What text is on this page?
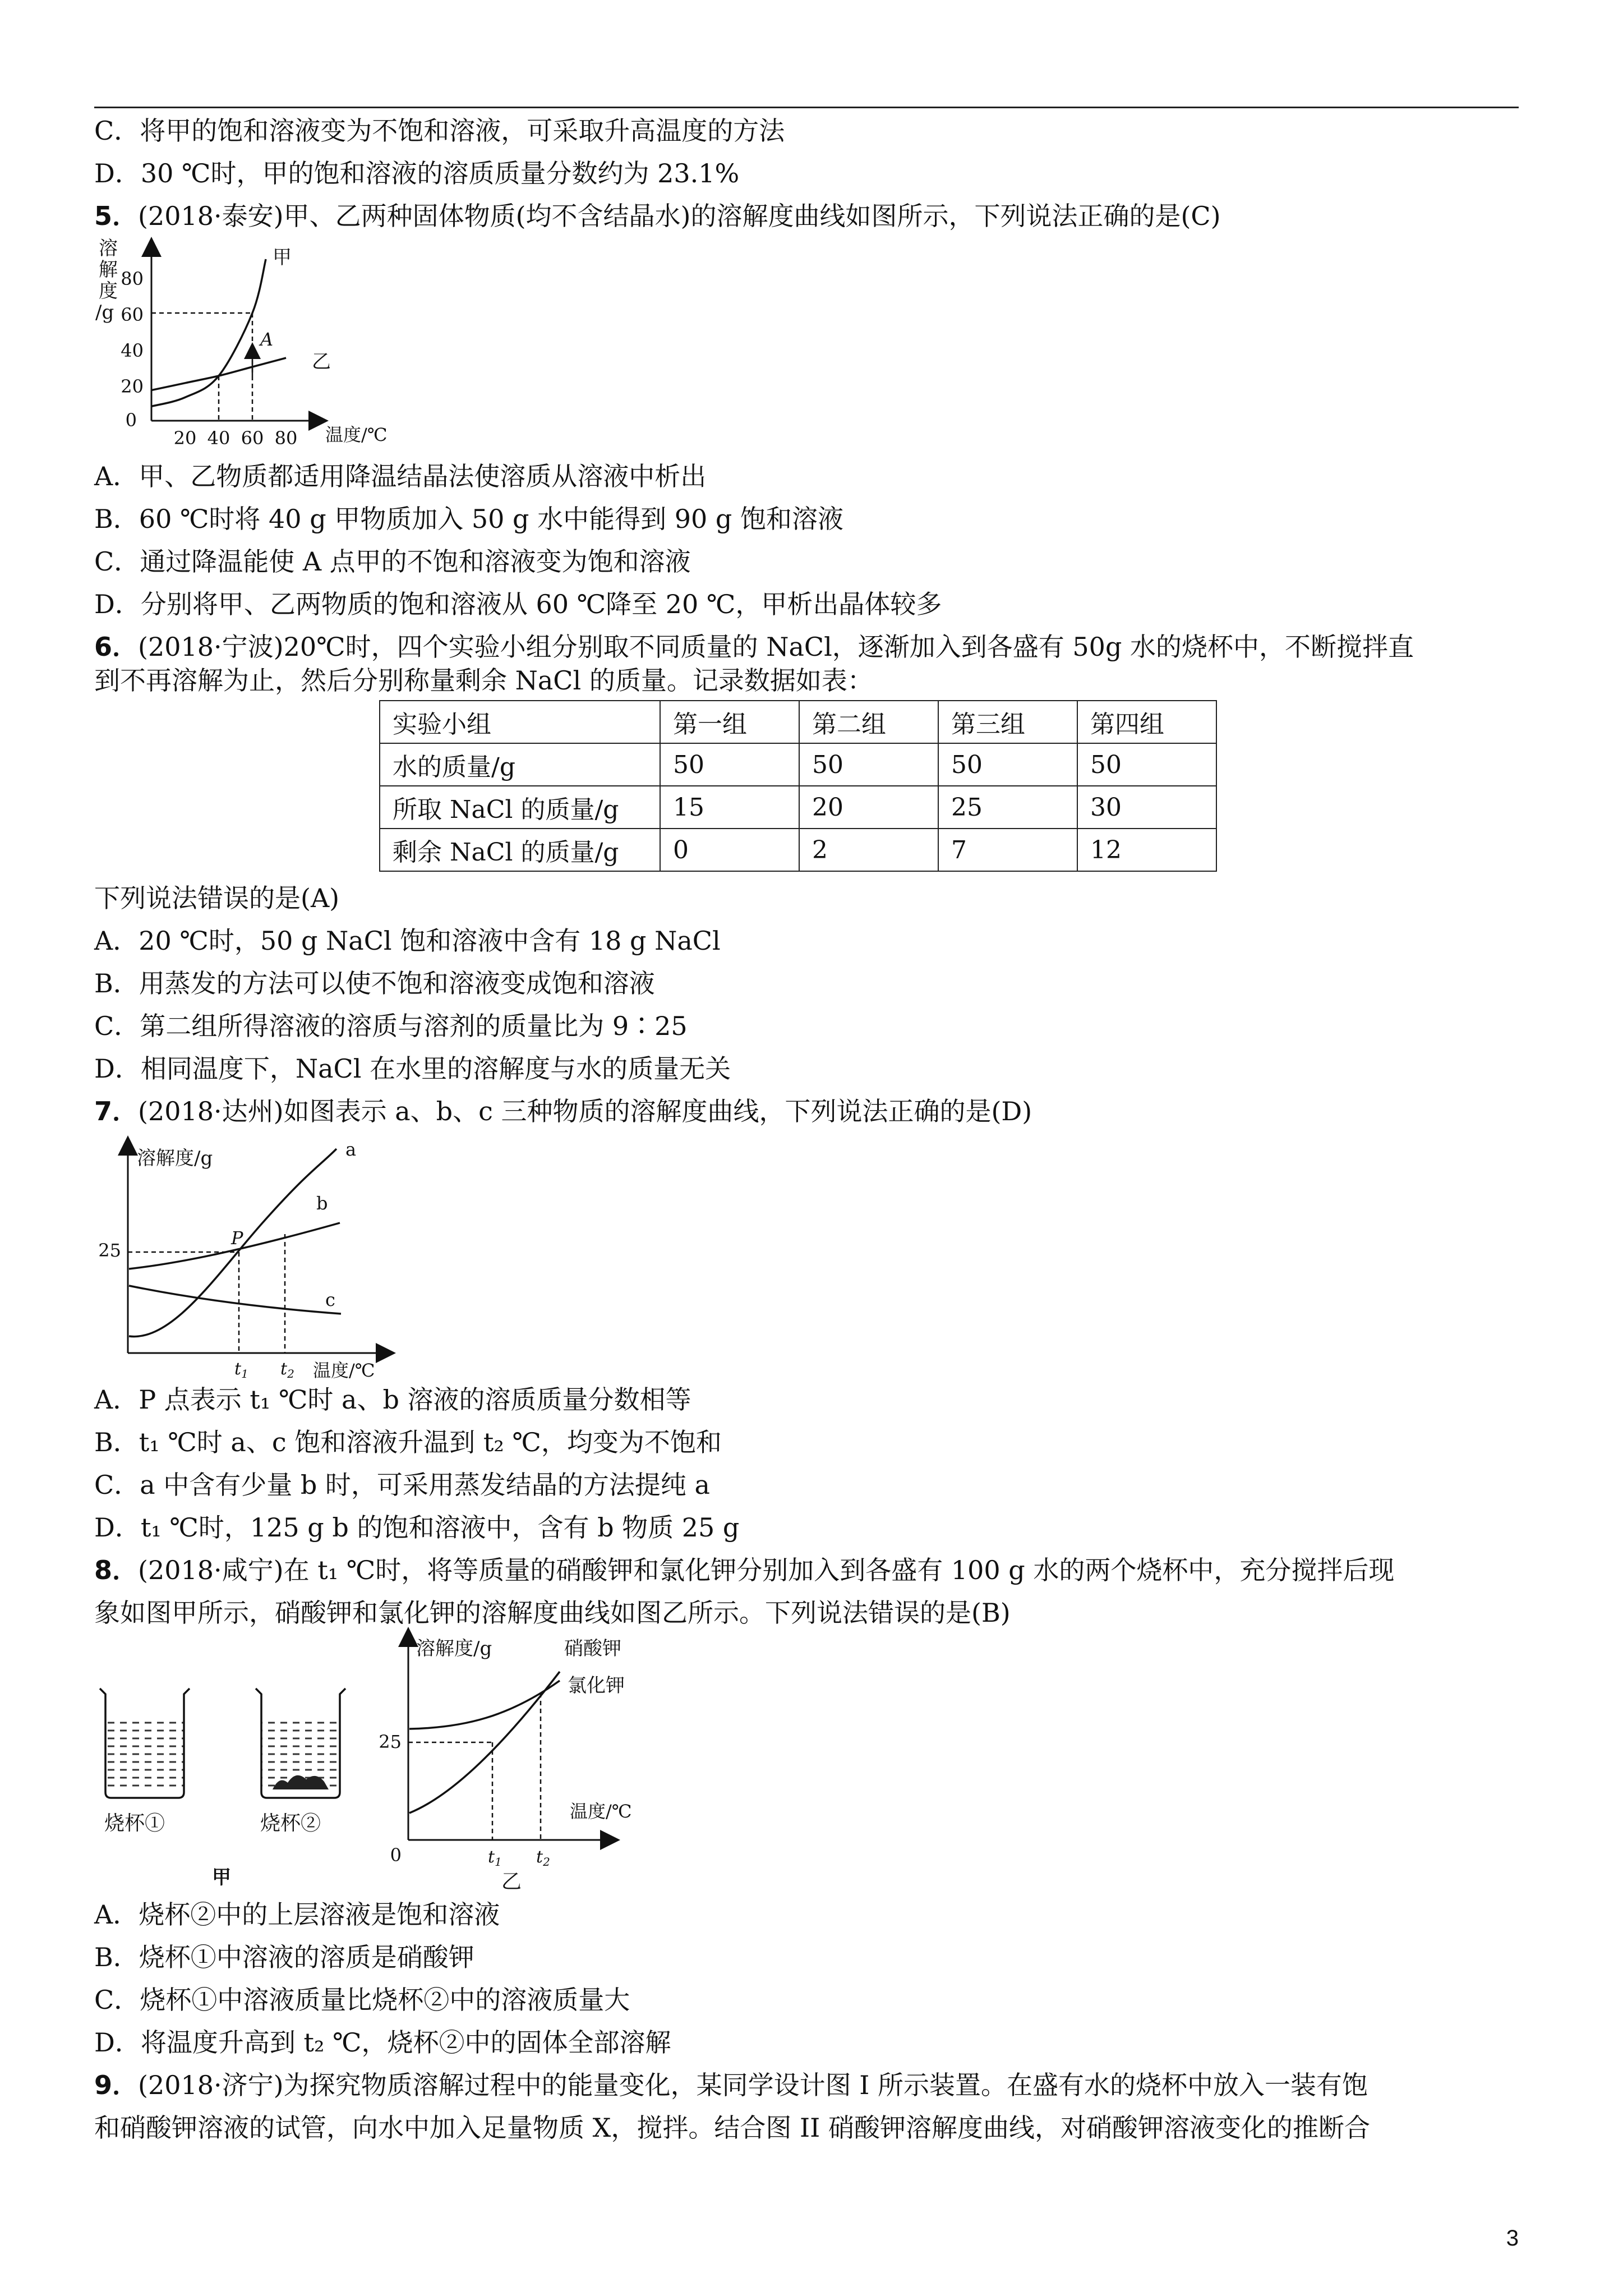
C．将甲的饱和溶液变为不饱和溶液，可采取升高温度的方法
D．30 ℃时，甲的饱和溶液的溶质质量分数约为 23.1%
5．(2018·泰安)甲、乙两种固体物质(均不含结晶水)的溶解度曲线如图所示，下列说法正确的是(C)
溶
解
度
/g
80
60
40
20
0
20 40 60 80 温度/℃
甲
乙
A
A．甲、乙物质都适用降温结晶法使溶质从溶液中析出
B．60 ℃时将 40 g 甲物质加入 50 g 水中能得到 90 g 饱和溶液
C．通过降温能使 A 点甲的不饱和溶液变为饱和溶液
D．分别将甲、乙两物质的饱和溶液从 60 ℃降至 20 ℃，甲析出晶体较多
6．(2018·宁波)20℃时，四个实验小组分别取不同质量的 NaCl，逐渐加入到各盛有 50g 水的烧杯中，不断搅拌直
到不再溶解为止，然后分别称量剩余 NaCl 的质量。记录数据如表：
实验小组	第一组	第二组	第三组	第四组
水的质量/g	50	50	50	50
所取 NaCl 的质量/g	15	20	25	30
剩余 NaCl 的质量/g	0	2	7	12
下列说法错误的是(A)
A．20 ℃时，50 g NaCl 饱和溶液中含有 18 g NaCl
B．用蒸发的方法可以使不饱和溶液变成饱和溶液
C．第二组所得溶液的溶质与溶剂的质量比为 9∶25
D．相同温度下，NaCl 在水里的溶解度与水的质量无关
7．(2018·达州)如图表示 a、b、c 三种物质的溶解度曲线，下列说法正确的是(D)
溶解度/g
25
温度/℃
P
a
b
c
$t_1$ $t_2$
A．P 点表示 t₁ ℃时 a、b 溶液的溶质质量分数相等
B．t₁ ℃时 a、c 饱和溶液升温到 t₂ ℃，均变为不饱和
C．a 中含有少量 b 时，可采用蒸发结晶的方法提纯 a
D．t₁ ℃时，125 g b 的饱和溶液中，含有 b 物质 25 g
8．(2018·咸宁)在 t₁ ℃时，将等质量的硝酸钾和氯化钾分别加入到各盛有 100 g 水的两个烧杯中，充分搅拌后现
象如图甲所示，硝酸钾和氯化钾的溶解度曲线如图乙所示。下列说法错误的是(B)
烧杯①	烧杯②
甲
溶解度/g
25
0
温度/℃
硝酸钾
氯化钾
$t_1$ $t_2$
乙
A．烧杯②中的上层溶液是饱和溶液
B．烧杯①中溶液的溶质是硝酸钾
C．烧杯①中溶液质量比烧杯②中的溶液质量大
D．将温度升高到 t₂ ℃，烧杯②中的固体全部溶解
9．(2018·济宁)为探究物质溶解过程中的能量变化，某同学设计图 I 所示装置。在盛有水的烧杯中放入一装有饱
和硝酸钾溶液的试管，向水中加入足量物质 X，搅拌。结合图 II 硝酸钾溶解度曲线，对硝酸钾溶液变化的推断合
3
